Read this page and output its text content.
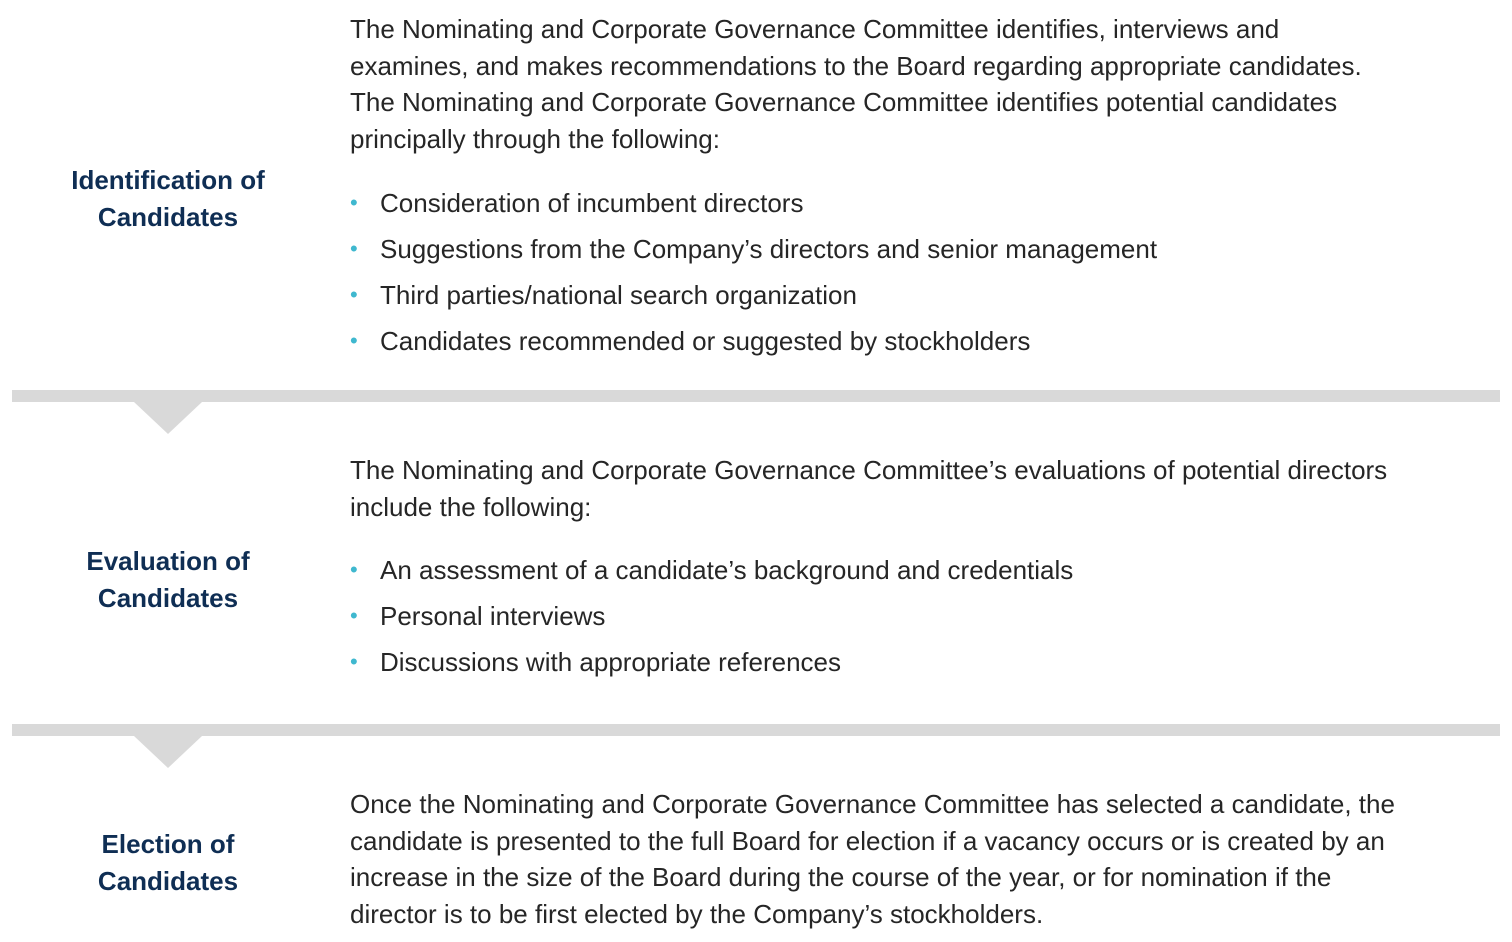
Identification of
Candidates

The Nominating and Corporate Governance Committee identifies, interviews and
examines, and makes recommendations to the Board regarding appropriate candidates.
The Nominating and Corporate Governance Committee identifies potential candidates
principally through the following:

• Consideration of incumbent directors
• Suggestions from the Company’s directors and senior management
• Third parties/national search organization
• Candidates recommended or suggested by stockholders
Evaluation of
Candidates

The Nominating and Corporate Governance Committee’s evaluations of potential directors
include the following:

• An assessment of a candidate’s background and credentials
• Personal interviews
• Discussions with appropriate references
Election of
Candidates

Once the Nominating and Corporate Governance Committee has selected a candidate, the
candidate is presented to the full Board for election if a vacancy occurs or is created by an
increase in the size of the Board during the course of the year, or for nomination if the
director is to be first elected by the Company’s stockholders.
